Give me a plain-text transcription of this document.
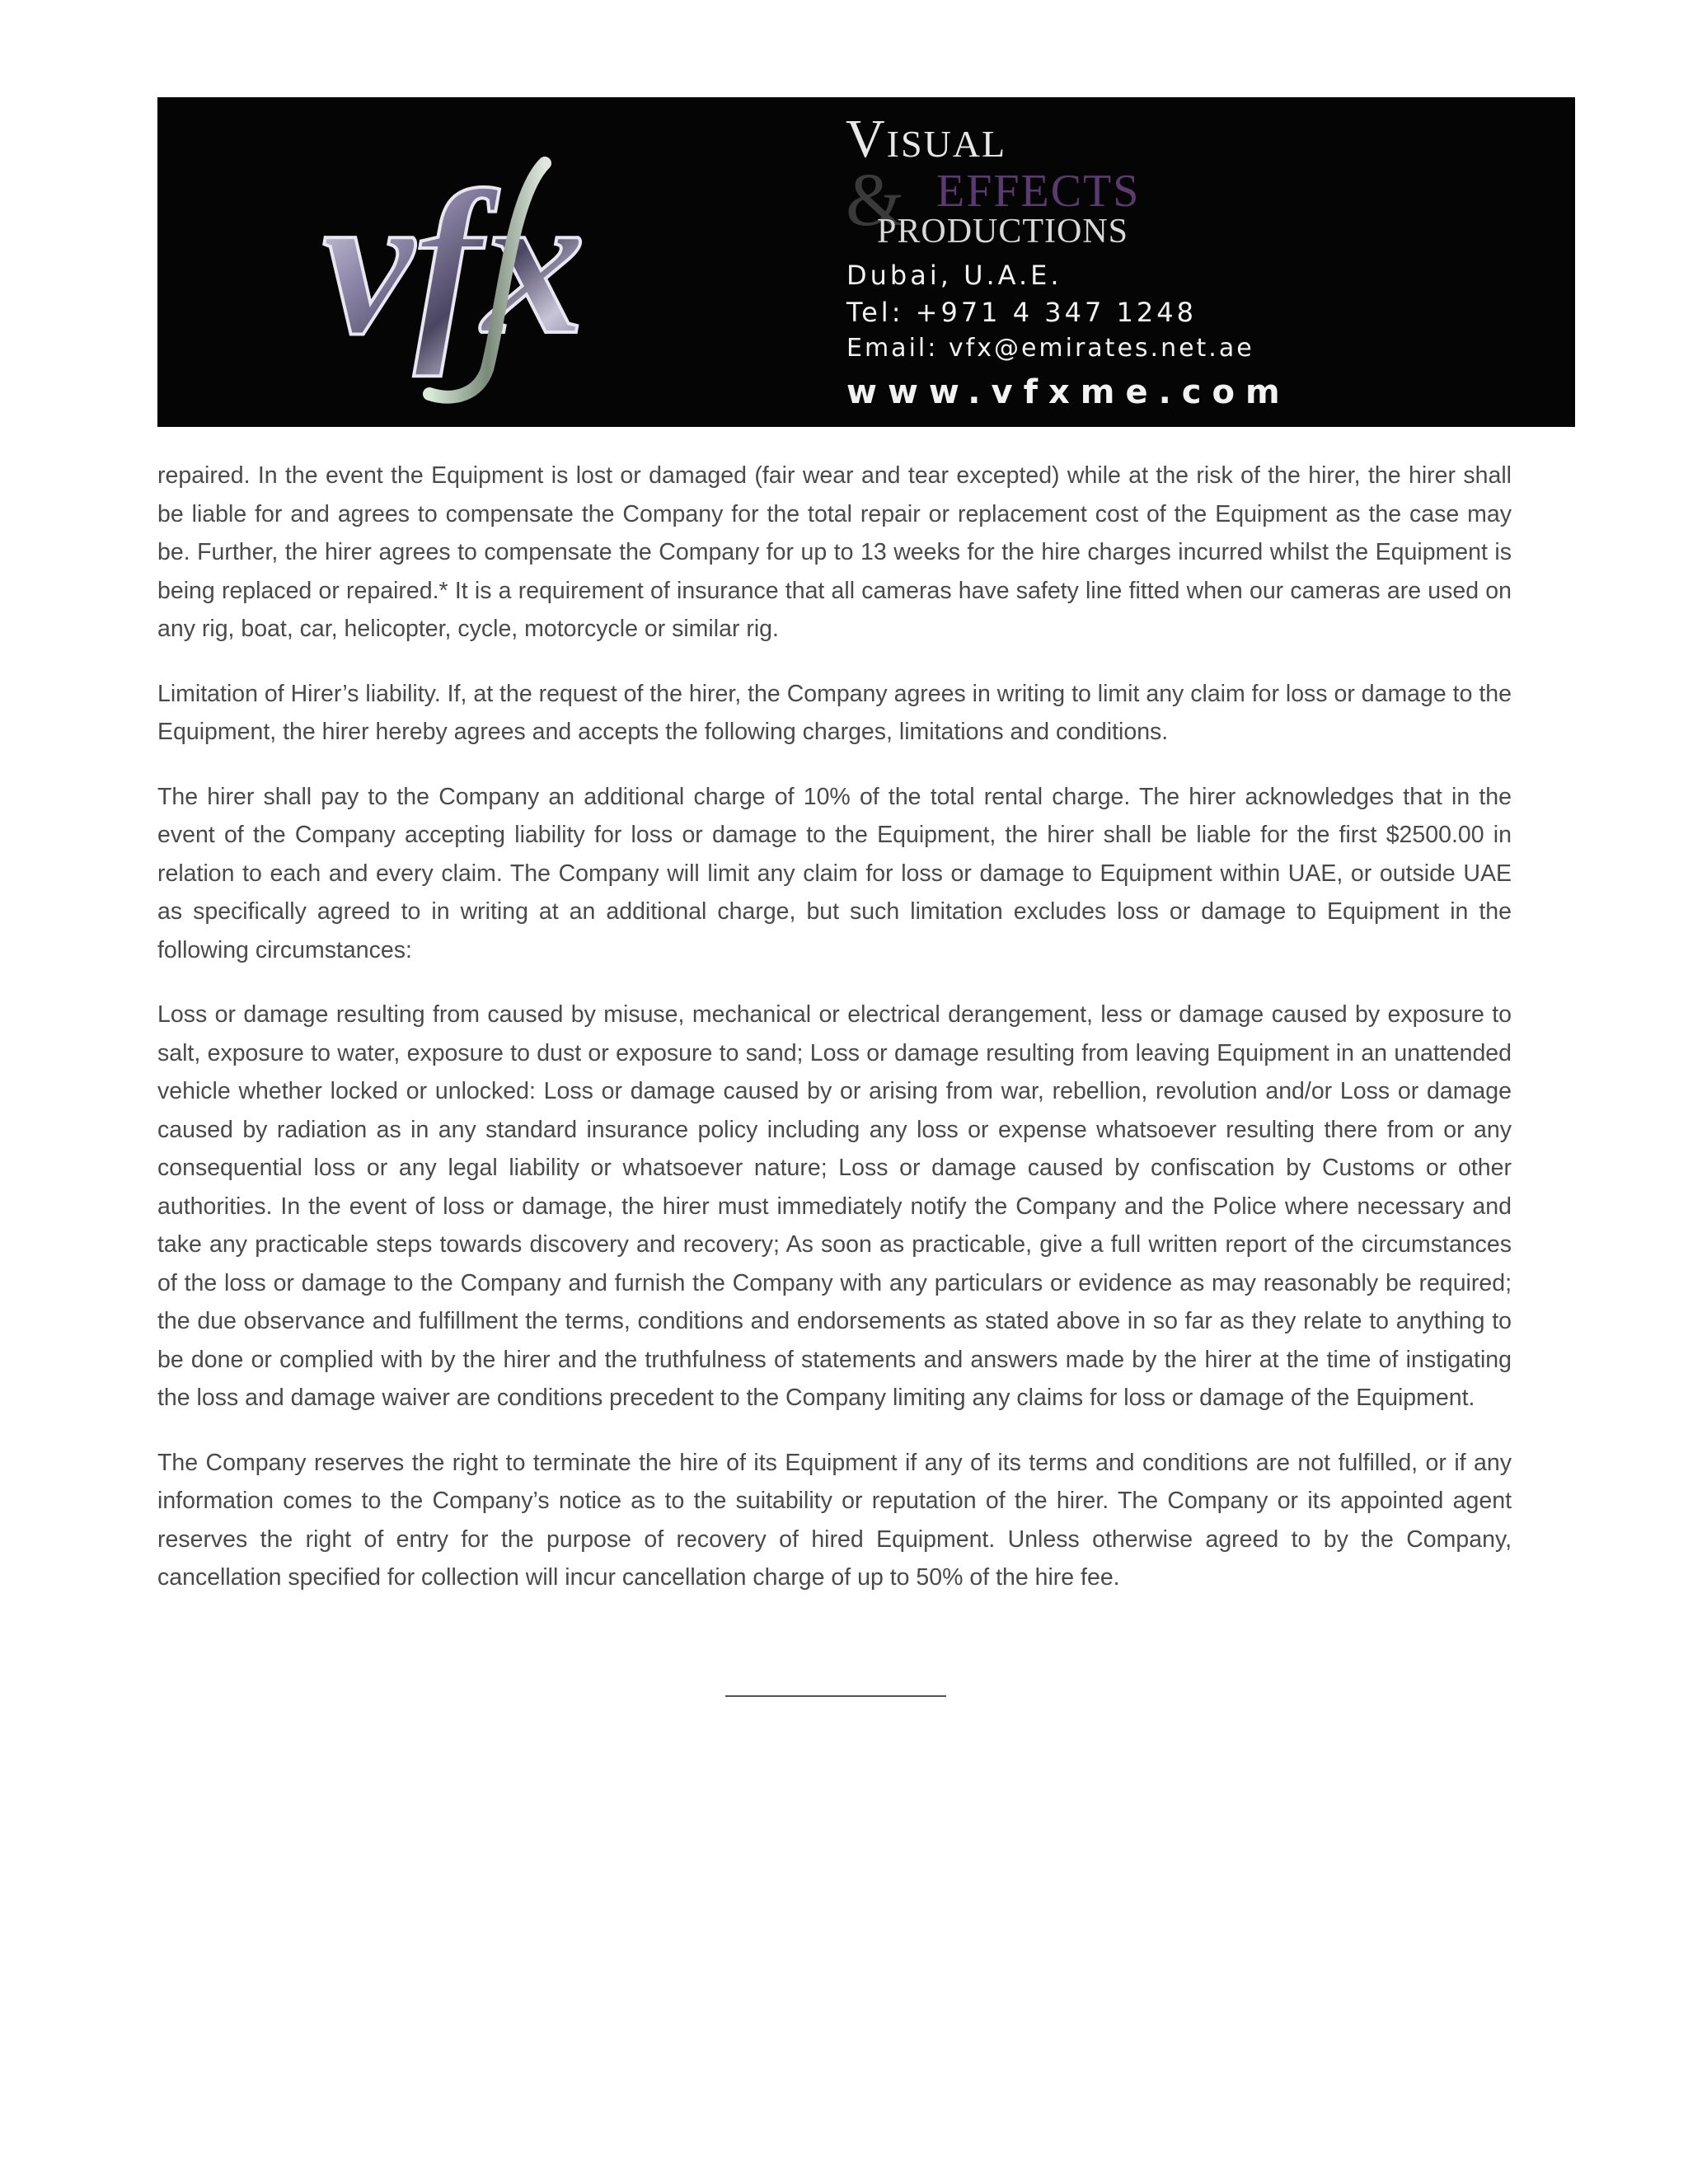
vfx
Visual
& EFFECTS
PRODUCTIONS
Dubai, U.A.E.
Tel: +971 4 347 1248
Email: vfx@emirates.net.ae
www.vfxme.com

repaired. In the event the Equipment is lost or damaged (fair wear and tear excepted) while at the risk of the hirer, the hirer shall be liable for and agrees to compensate the Company for the total repair or replacement cost of the Equipment as the case may be. Further, the hirer agrees to compensate the Company for up to 13 weeks for the hire charges incurred whilst the Equipment is being replaced or repaired.* It is a requirement of insurance that all cameras have safety line fitted when our cameras are used on any rig, boat, car, helicopter, cycle, motorcycle or similar rig.

Limitation of Hirer’s liability. If, at the request of the hirer, the Company agrees in writing to limit any claim for loss or damage to the Equipment, the hirer hereby agrees and accepts the following charges, limitations and conditions.

The hirer shall pay to the Company an additional charge of 10% of the total rental charge. The hirer acknowledges that in the event of the Company accepting liability for loss or damage to the Equipment, the hirer shall be liable for the first $2500.00 in relation to each and every claim. The Company will limit any claim for loss or damage to Equipment within UAE, or outside UAE as specifically agreed to in writing at an additional charge, but such limitation excludes loss or damage to Equipment in the following circumstances:

Loss or damage resulting from caused by misuse, mechanical or electrical derangement, less or damage caused by exposure to salt, exposure to water, exposure to dust or exposure to sand; Loss or damage resulting from leaving Equipment in an unattended vehicle whether locked or unlocked: Loss or damage caused by or arising from war, rebellion, revolution and/or Loss or damage caused by radiation as in any standard insurance policy including any loss or expense whatsoever resulting there from or any consequential loss or any legal liability or whatsoever nature; Loss or damage caused by confiscation by Customs or other authorities. In the event of loss or damage, the hirer must immediately notify the Company and the Police where necessary and take any practicable steps towards discovery and recovery; As soon as practicable, give a full written report of the circumstances of the loss or damage to the Company and furnish the Company with any particulars or evidence as may reasonably be required; the due observance and fulfillment the terms, conditions and endorsements as stated above in so far as they relate to anything to be done or complied with by the hirer and the truthfulness of statements and answers made by the hirer at the time of instigating the loss and damage waiver are conditions precedent to the Company limiting any claims for loss or damage of the Equipment.

The Company reserves the right to terminate the hire of its Equipment if any of its terms and conditions are not fulfilled, or if any information comes to the Company’s notice as to the suitability or reputation of the hirer. The Company or its appointed agent reserves the right of entry for the purpose of recovery of hired Equipment. Unless otherwise agreed to by the Company, cancellation specified for collection will incur cancellation charge of up to 50% of the hire fee.
